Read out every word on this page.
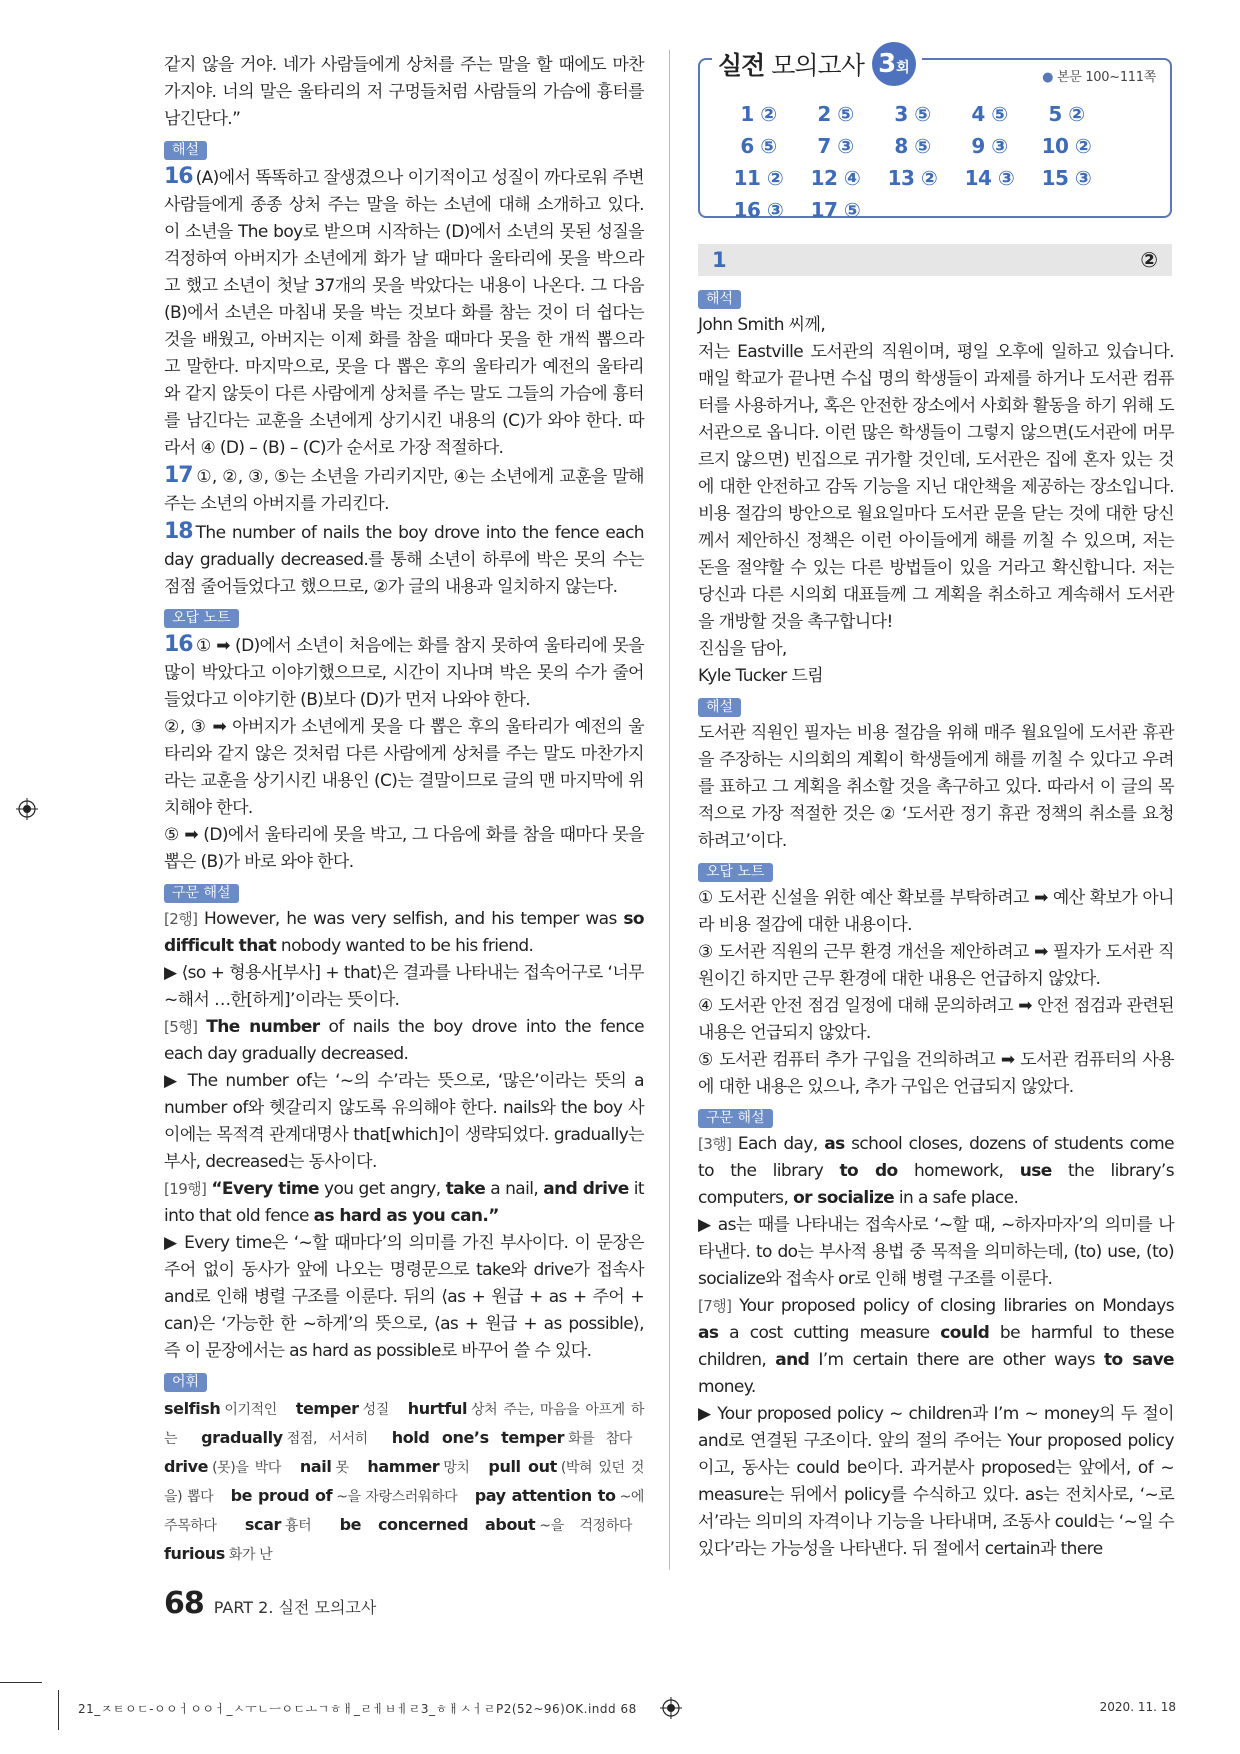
같지 않을 거야. 네가 사람들에게 상처를 주는 말을 할 때에도 마찬가지야. 너의 말은 울타리의 저 구멍들처럼 사람들의 가슴에 흉터를 남긴단다.”

해설

16 (A)에서 똑똑하고 잘생겼으나 이기적이고 성질이 까다로워 주변 사람들에게 종종 상처 주는 말을 하는 소년에 대해 소개하고 있다. 이 소년을 The boy로 받으며 시작하는 (D)에서 소년의 못된 성질을 걱정하여 아버지가 소년에게 화가 날 때마다 울타리에 못을 박으라고 했고 소년이 첫날 37개의 못을 박았다는 내용이 나온다. 그 다음 (B)에서 소년은 마침내 못을 박는 것보다 화를 참는 것이 더 쉽다는 것을 배웠고, 아버지는 이제 화를 참을 때마다 못을 한 개씩 뽑으라고 말한다. 마지막으로, 못을 다 뽑은 후의 울타리가 예전의 울타리와 같지 않듯이 다른 사람에게 상처를 주는 말도 그들의 가슴에 흉터를 남긴다는 교훈을 소년에게 상기시킨 내용의 (C)가 와야 한다. 따라서 ④ (D) – (B) – (C)가 순서로 가장 적절하다.

17 ①, ②, ③, ⑤는 소년을 가리키지만, ④는 소년에게 교훈을 말해 주는 소년의 아버지를 가리킨다.

18 The number of nails the boy drove into the fence each day gradually decreased.를 통해 소년이 하루에 박은 못의 수는 점점 줄어들었다고 했으므로, ②가 글의 내용과 일치하지 않는다.

오답 노트

16 ① ➡ (D)에서 소년이 처음에는 화를 참지 못하여 울타리에 못을 많이 박았다고 이야기했으므로, 시간이 지나며 박은 못의 수가 줄어들었다고 이야기한 (B)보다 (D)가 먼저 나와야 한다.

②, ③ ➡ 아버지가 소년에게 못을 다 뽑은 후의 울타리가 예전의 울타리와 같지 않은 것처럼 다른 사람에게 상처를 주는 말도 마찬가지라는 교훈을 상기시킨 내용인 (C)는 결말이므로 글의 맨 마지막에 위치해야 한다.

⑤ ➡ (D)에서 울타리에 못을 박고, 그 다음에 화를 참을 때마다 못을 뽑은 (B)가 바로 와야 한다.

구문 해설

[2행] However, he was very selfish, and his temper was so difficult that nobody wanted to be his friend.

▶ ⟨so + 형용사[부사] + that⟩은 결과를 나타내는 접속어구로 ‘너무 ~해서 …한[하게]’이라는 뜻이다.

[5행] The number of nails the boy drove into the fence each day gradually decreased.

▶ The number of는 ‘~의 수’라는 뜻으로, ‘많은’이라는 뜻의 a number of와 헷갈리지 않도록 유의해야 한다. nails와 the boy 사이에는 목적격 관계대명사 that[which]이 생략되었다. gradually는 부사, decreased는 동사이다.

[19행] “Every time you get angry, take a nail, and drive it into that old fence as hard as you can.”

▶ Every time은 ‘~할 때마다’의 의미를 가진 부사이다. 이 문장은 주어 없이 동사가 앞에 나오는 명령문으로 take와 drive가 접속사 and로 인해 병렬 구조를 이룬다. 뒤의 ⟨as + 원급 + as + 주어 + can⟩은 ‘가능한 한 ~하게’의 뜻으로, ⟨as + 원급 + as possible⟩, 즉 이 문장에서는 as hard as possible로 바꾸어 쓸 수 있다.

어휘

selfish 이기적인 temper 성질 hurtful 상처 주는, 마음을 아프게 하는 gradually 점점, 서서히 hold one’s temper 화를 참다 drive (못)을 박다 nail 못 hammer 망치 pull out (박혀 있던 것을) 뽑다 be proud of ~을 자랑스러워하다 pay attention to ~에 주목하다 scar 흉터 be concerned about ~을 걱정하다 furious 화가 난

실전 모의고사 3회
● 본문 100~111쪽
1 ② 2 ⑤ 3 ⑤ 4 ⑤ 5 ②6 ⑤ 7 ③ 8 ⑤ 9 ③ 10 ②11 ② 12 ④ 13 ② 14 ③ 15 ③16 ③ 17 ⑤
1	②
해석

John Smith 씨께,

저는 Eastville 도서관의 직원이며, 평일 오후에 일하고 있습니다. 매일 학교가 끝나면 수십 명의 학생들이 과제를 하거나 도서관 컴퓨터를 사용하거나, 혹은 안전한 장소에서 사회화 활동을 하기 위해 도서관으로 옵니다. 이런 많은 학생들이 그렇지 않으면(도서관에 머무르지 않으면) 빈집으로 귀가할 것인데, 도서관은 집에 혼자 있는 것에 대한 안전하고 감독 기능을 지닌 대안책을 제공하는 장소입니다. 비용 절감의 방안으로 월요일마다 도서관 문을 닫는 것에 대한 당신께서 제안하신 정책은 이런 아이들에게 해를 끼칠 수 있으며, 저는 돈을 절약할 수 있는 다른 방법들이 있을 거라고 확신합니다. 저는 당신과 다른 시의회 대표들께 그 계획을 취소하고 계속해서 도서관을 개방할 것을 촉구합니다!

진심을 담아,

Kyle Tucker 드림

해설

도서관 직원인 필자는 비용 절감을 위해 매주 월요일에 도서관 휴관을 주장하는 시의회의 계획이 학생들에게 해를 끼칠 수 있다고 우려를 표하고 그 계획을 취소할 것을 촉구하고 있다. 따라서 이 글의 목적으로 가장 적절한 것은 ② ‘도서관 정기 휴관 정책의 취소를 요청하려고’이다.

오답 노트

① 도서관 신설을 위한 예산 확보를 부탁하려고 ➡ 예산 확보가 아니라 비용 절감에 대한 내용이다.

③ 도서관 직원의 근무 환경 개선을 제안하려고 ➡ 필자가 도서관 직원이긴 하지만 근무 환경에 대한 내용은 언급하지 않았다.

④ 도서관 안전 점검 일정에 대해 문의하려고 ➡ 안전 점검과 관련된 내용은 언급되지 않았다.

⑤ 도서관 컴퓨터 추가 구입을 건의하려고 ➡ 도서관 컴퓨터의 사용에 대한 내용은 있으나, 추가 구입은 언급되지 않았다.

구문 해설

[3행] Each day, as school closes, dozens of students come to the library to do homework, use the library’s computers, or socialize in a safe place.

▶ as는 때를 나타내는 접속사로 ‘~할 때, ~하자마자’의 의미를 나타낸다. to do는 부사적 용법 중 목적을 의미하는데, (to) use, (to) socialize와 접속사 or로 인해 병렬 구조를 이룬다.

[7행] Your proposed policy of closing libraries on Mondays as a cost cutting measure could be harmful to these children, and I’m certain there are other ways to save money.

▶ Your proposed policy ~ children과 I’m ~ money의 두 절이 and로 연결된 구조이다. 앞의 절의 주어는 Your proposed policy이고, 동사는 could be이다. 과거분사 proposed는 앞에서, of ~ measure는 뒤에서 policy를 수식하고 있다. as는 전치사로, ‘~로서’라는 의미의 자격이나 기능을 나타내며, 조동사 could는 ‘~일 수 있다’라는 가능성을 나타낸다. 뒤 절에서 certain과 there

68 PART 2. 실전 모의고사
21_ㅈㅌㅇㄷ-ㅇㅇㅓㅇㅇㅓ_ㅅㅜㄴㅡㅇㄷㅗㄱㅎㅐ_ㄹㅔㅂㅔㄹ3_ㅎㅐㅅㅓㄹP2(52~96)OK.indd 68	2020. 11. 18
